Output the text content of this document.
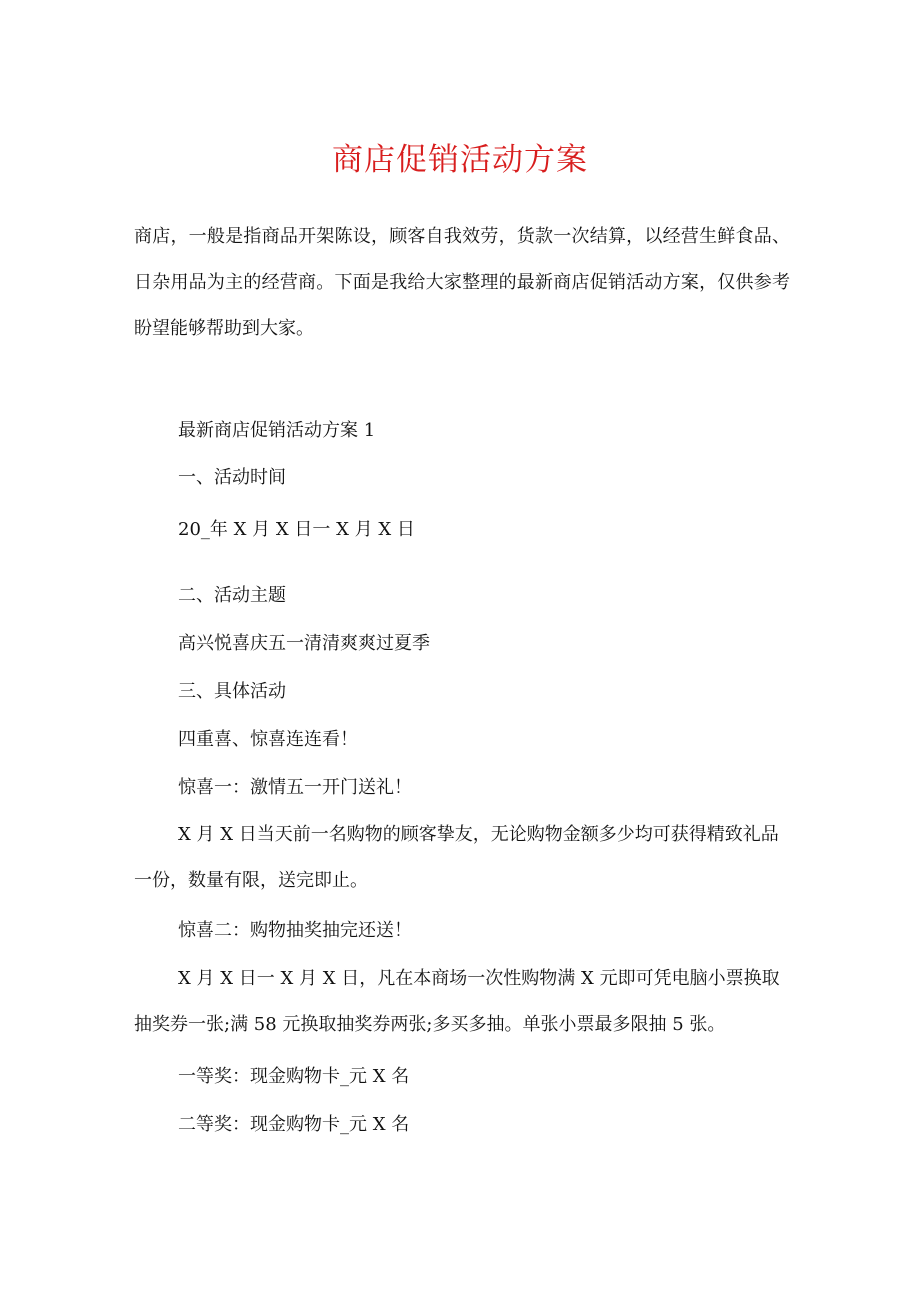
商店促销活动方案

商店，一般是指商品开架陈设，顾客自我效劳，货款一次结算，以经营生鲜食品、日杂用品为主的经营商。下面是我给大家整理的最新商店促销活动方案，仅供参考盼望能够帮助到大家。

最新商店促销活动方案 1

一、活动时间

20_年 X 月 X 日一 X 月 X 日

二、活动主题

高兴悦喜庆五一清清爽爽过夏季

三、具体活动

四重喜、惊喜连连看！

惊喜一：激情五一开门送礼！

X 月 X 日当天前一名购物的顾客挚友，无论购物金额多少均可获得精致礼品一份，数量有限，送完即止。

惊喜二：购物抽奖抽完还送！

X 月 X 日一 X 月 X 日，凡在本商场一次性购物满 X 元即可凭电脑小票换取抽奖券一张;满 58 元换取抽奖券两张;多买多抽。单张小票最多限抽 5 张。

一等奖：现金购物卡_元 X 名

二等奖：现金购物卡_元 X 名
